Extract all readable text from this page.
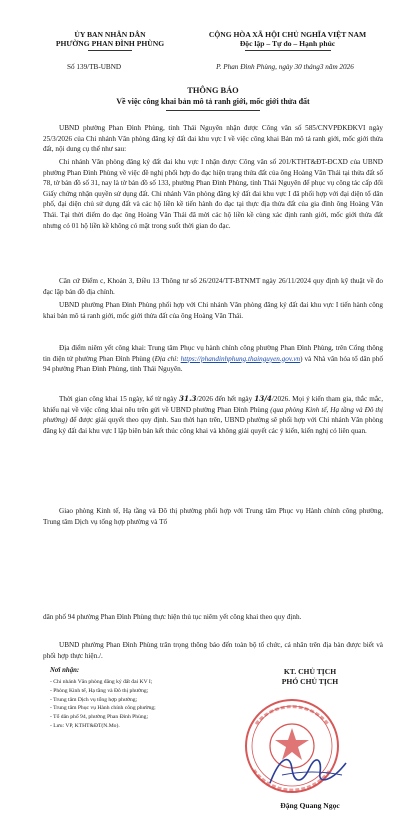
ỦY BAN NHÂN DÂN
PHƯỜNG PHAN ĐÌNH PHÙNG
CỘNG HÒA XÃ HỘI CHỦ NGHĨA VIỆT NAM
Độc lập – Tự do – Hạnh phúc
Số 139/TB-UBND	P. Phan Đình Phùng, ngày 30 tháng3 năm 2026
THÔNG BÁO
Về việc công khai bản mô tả ranh giới, mốc giới thửa đất
UBND phường Phan Đình Phùng, tỉnh Thái Nguyên nhận được Công văn số 585/CNVPĐKĐKVI ngày 25/3/2026 của Chi nhánh Văn phòng đăng ký đất đai khu vực I về việc công khai Bản mô tả ranh giới, mốc giới thửa đất, nội dung cụ thể như sau:
Chi nhánh Văn phòng đăng ký đất đai khu vực I nhận được Công văn số 201/KTHT&ĐT-ĐCXD của UBND phường Phan Đình Phùng về việc đề nghị phối hợp đo đạc hiện trạng thửa đất của ông Hoàng Văn Thái tại thửa đất số 78, tờ bản đồ số 31, nay là tờ bản đồ số 133, phường Phan Đình Phùng, tỉnh Thái Nguyên để phục vụ công tác cấp đổi Giấy chứng nhận quyền sử dụng đất. Chi nhánh Văn phòng đăng ký đất đai khu vực I đã phối hợp với đại diện tổ dân phố, đại diện chủ sử dụng đất và các hộ liền kề tiến hành đo đạc tại thực địa thửa đất của gia đình ông Hoàng Văn Thái. Tại thời điểm đo đạc ông Hoàng Văn Thái đã mời các hộ liền kề cùng xác định ranh giới, mốc giới thửa đất nhưng có 01 hộ liền kề không có mặt trong suốt thời gian đo đạc.
Căn cứ Điểm c, Khoản 3, Điều 13 Thông tư số 26/2024/TT-BTNMT ngày 26/11/2024 quy định kỹ thuật về đo đạc lập bản đồ địa chính.
UBND phường Phan Đình Phùng phối hợp với Chi nhánh Văn phòng đăng ký đất đai khu vực I tiến hành công khai bản mô tả ranh giới, mốc giới thửa đất của ông Hoàng Văn Thái.
Địa điểm niêm yết công khai: Trung tâm Phục vụ hành chính công phường Phan Đình Phùng, trên Cổng thông tin điện tử phường Phan Đình Phùng (Địa chỉ: https://phandinhphung.thainguyen.gov.vn) và Nhà văn hóa tổ dân phố 94 phường Phan Đình Phùng, tỉnh Thái Nguyên.
Thời gian công khai 15 ngày, kể từ ngày 31.3/2026 đến hết ngày 13/4/2026. Mọi ý kiến tham gia, thắc mắc, khiếu nại về việc công khai nêu trên gửi về UBND phường Phan Đình Phùng (qua phòng Kinh tế, Hạ tầng và Đô thị phường) để được giải quyết theo quy định. Sau thời hạn trên, UBND phường sẽ phối hợp với Chi nhánh Văn phòng đăng ký đất đai khu vực I lập biên bản kết thúc công khai và không giải quyết các ý kiến, kiến nghị có liên quan.
Giao phòng Kinh tế, Hạ tầng và Đô thị phường phối hợp với Trung tâm Phục vụ Hành chính công phường, Trung tâm Dịch vụ tổng hợp phường và Tổ
dân phố 94 phường Phan Đình Phùng thực hiện thủ tục niêm yết công khai theo quy định.
UBND phường Phan Đình Phùng trân trọng thông báo đến toàn bộ tổ chức, cá nhân trên địa bàn được biết và phối hợp thực hiện./.
Nơi nhận:
- Chi nhánh Văn phòng đăng ký đất đai KV I;
- Phòng Kinh tế, Hạ tầng và Đô thị phường;
- Trung tâm Dịch vụ tổng hợp phường;
- Trung tâm Phục vụ Hành chính công phường;
- Tổ dân phố 94, phường Phan Đình Phùng;
- Lưu: VP, KTHT&ĐT(N.Mo).
KT. CHỦ TỊCH
PHÓ CHỦ TỊCH
Đặng Quang Ngọc
